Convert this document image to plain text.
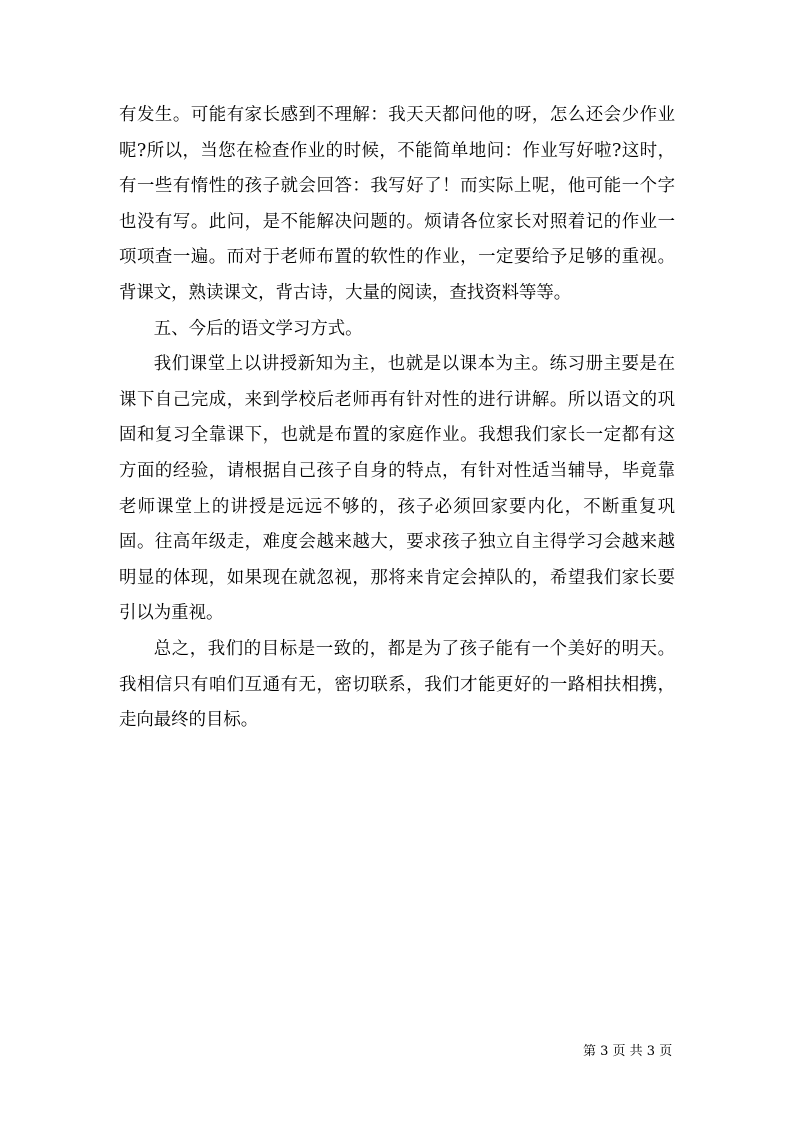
有发生。可能有家长感到不理解：我天天都问他的呀，怎么还会少作业呢?所以，当您在检查作业的时候，不能简单地问：作业写好啦?这时，有一些有惰性的孩子就会回答：我写好了！而实际上呢，他可能一个字也没有写。此问，是不能解决问题的。烦请各位家长对照着记的作业一项项查一遍。而对于老师布置的软性的作业，一定要给予足够的重视。背课文，熟读课文，背古诗，大量的阅读，查找资料等等。

五、今后的语文学习方式。

我们课堂上以讲授新知为主，也就是以课本为主。练习册主要是在课下自己完成，来到学校后老师再有针对性的进行讲解。所以语文的巩固和复习全靠课下，也就是布置的家庭作业。我想我们家长一定都有这方面的经验，请根据自己孩子自身的特点，有针对性适当辅导，毕竟靠老师课堂上的讲授是远远不够的，孩子必须回家要内化，不断重复巩固。往高年级走，难度会越来越大，要求孩子独立自主得学习会越来越明显的体现，如果现在就忽视，那将来肯定会掉队的，希望我们家长要引以为重视。

总之，我们的目标是一致的，都是为了孩子能有一个美好的明天。我相信只有咱们互通有无，密切联系，我们才能更好的一路相扶相携，走向最终的目标。

第 3 页 共 3 页
